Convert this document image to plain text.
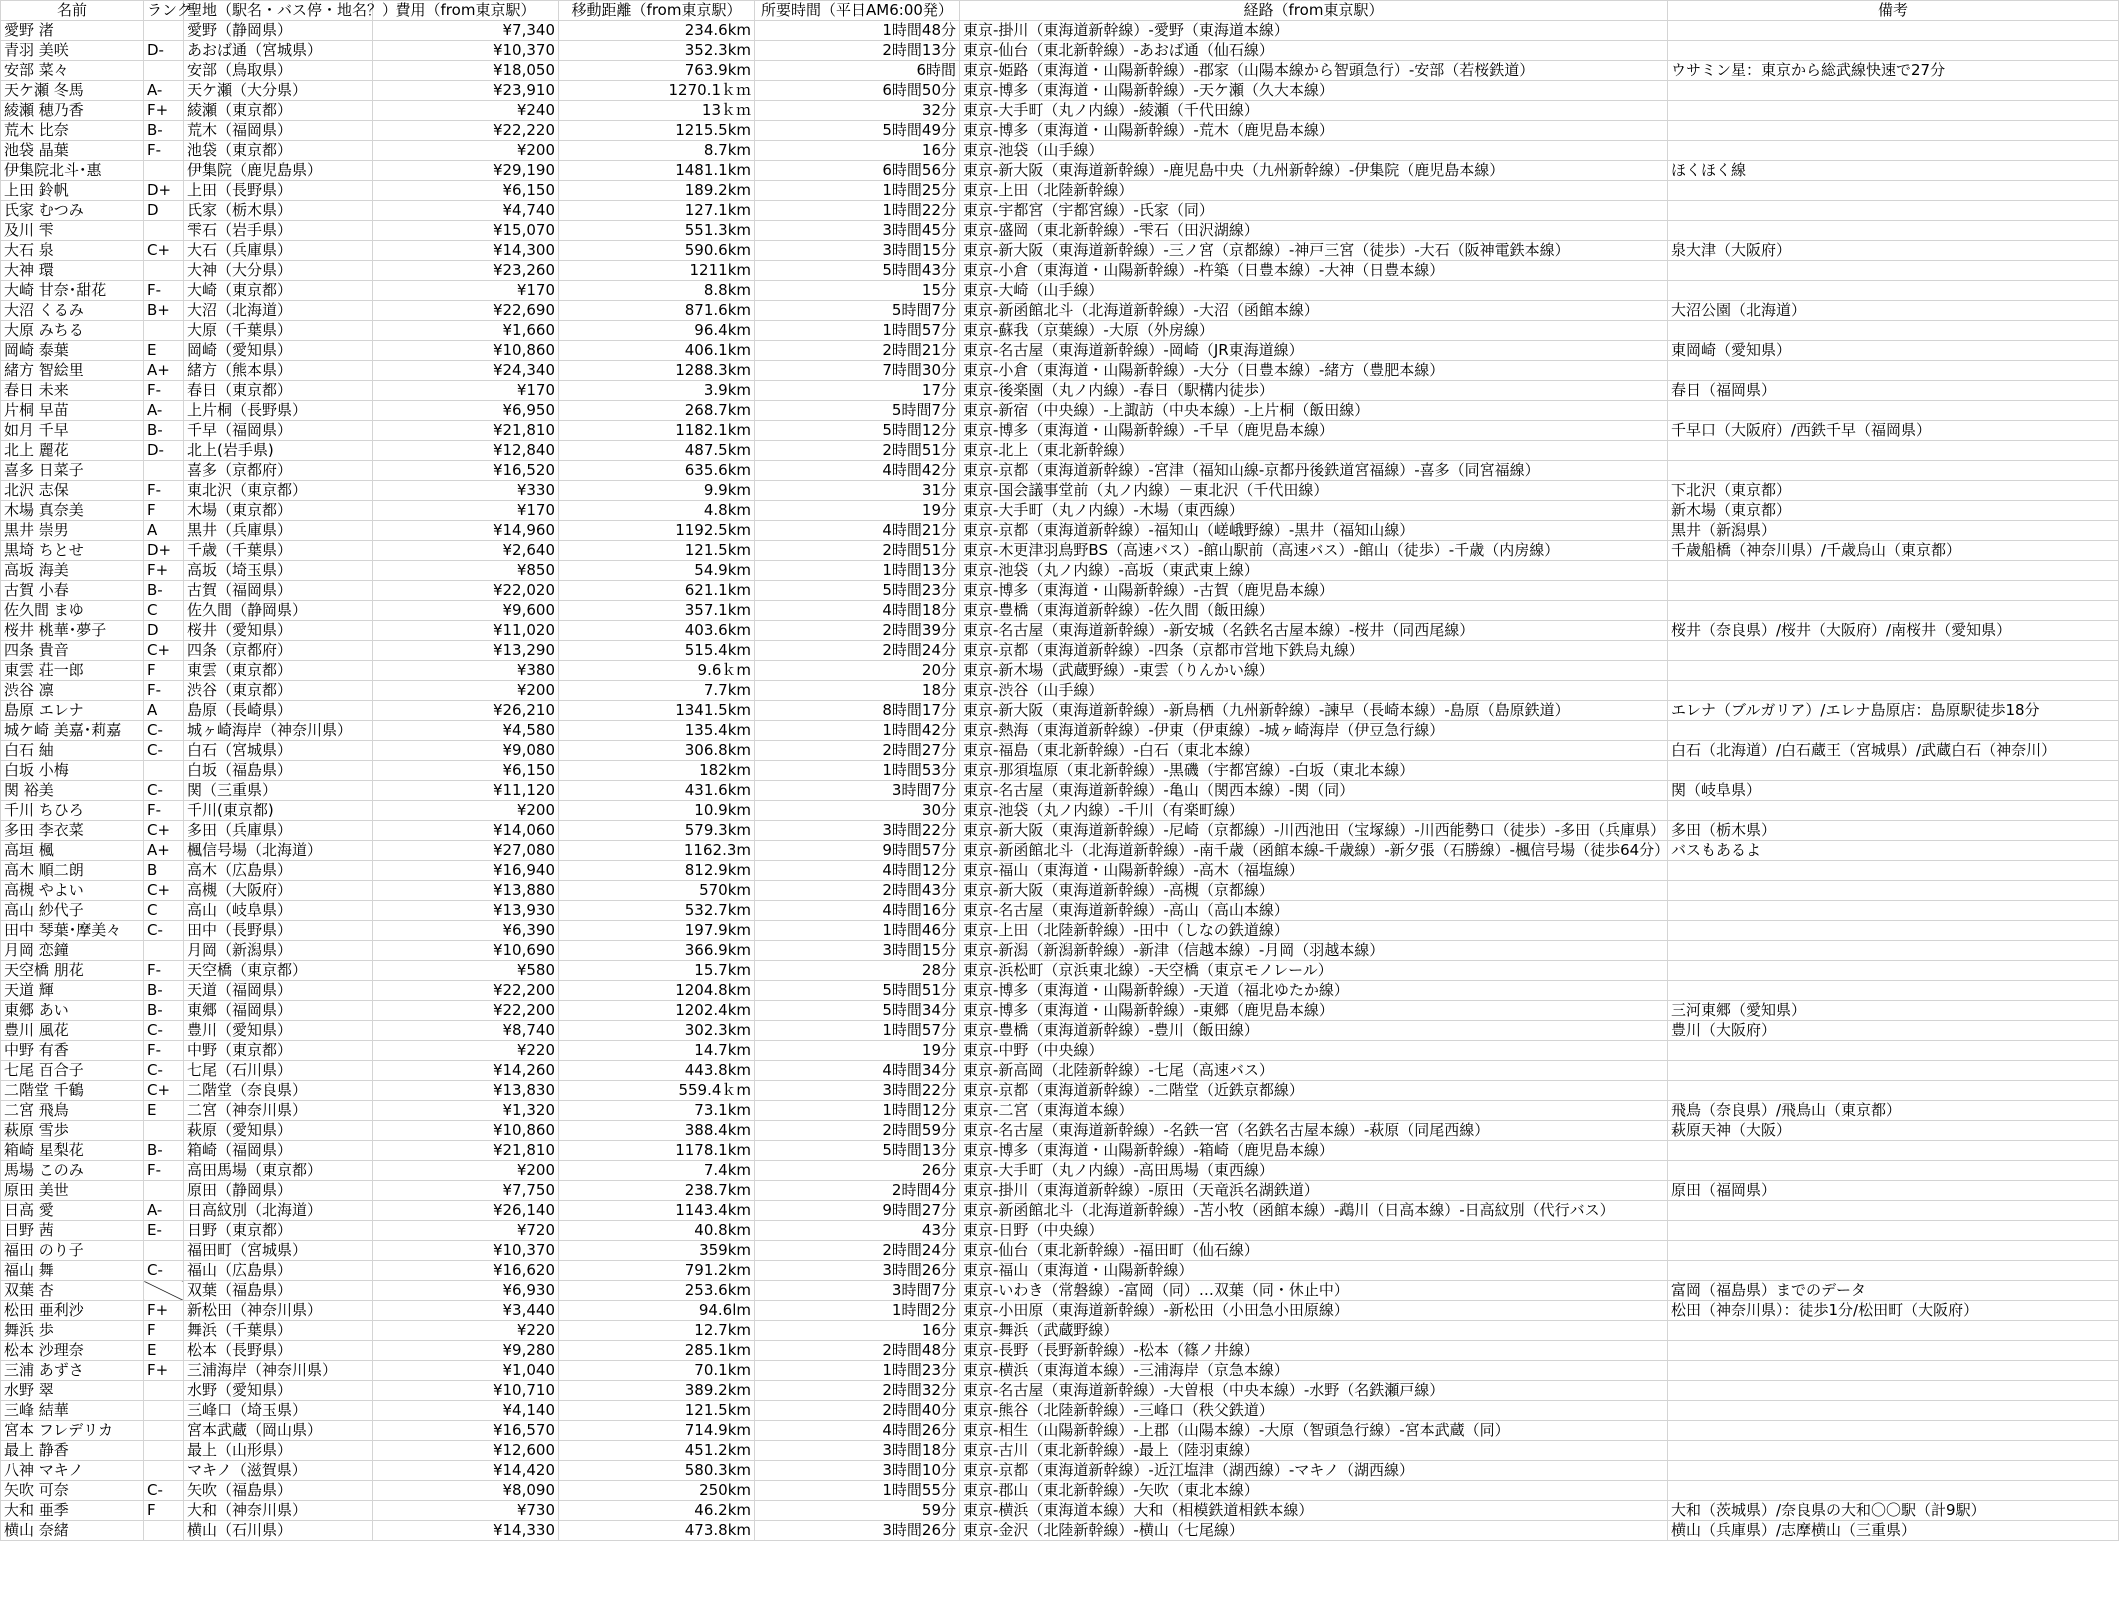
名前	ランク	聖地（駅名・バス停・地名？）	費用（from東京駅）	移動距離（from東京駅）	所要時間（平日AM6:00発）	経路（from東京駅）	備考
愛野 渚		愛野（静岡県）	¥7,340	234.6km	1時間48分	東京-掛川（東海道新幹線）-愛野（東海道本線）	
青羽 美咲	D-	あおば通（宮城県）	¥10,370	352.3km	2時間13分	東京-仙台（東北新幹線）-あおば通（仙石線）	
安部 菜々		安部（鳥取県）	¥18,050	763.9km	6時間	東京-姫路（東海道・山陽新幹線）-郡家（山陽本線から智頭急行）-安部（若桜鉄道）	ウサミン星：東京から総武線快速で27分
天ケ瀬 冬馬	A-	天ケ瀬（大分県）	¥23,910	1270.1ｋｍ	6時間50分	東京-博多（東海道・山陽新幹線）-天ケ瀬（久大本線）	
綾瀬 穂乃香	F+	綾瀬（東京都）	¥240	13ｋｍ	32分	東京-大手町（丸ノ内線）-綾瀬（千代田線）	
荒木 比奈	B-	荒木（福岡県）	¥22,220	1215.5km	5時間49分	東京-博多（東海道・山陽新幹線）-荒木（鹿児島本線）	
池袋 晶葉	F-	池袋（東京都）	¥200	8.7km	16分	東京-池袋（山手線）	
伊集院北斗･惠		伊集院（鹿児島県）	¥29,190	1481.1km	6時間56分	東京-新大阪（東海道新幹線）-鹿児島中央（九州新幹線）-伊集院（鹿児島本線）	ほくほく線
上田 鈴帆	D+	上田（長野県）	¥6,150	189.2km	1時間25分	東京-上田（北陸新幹線）	
氏家 むつみ	D	氏家（栃木県）	¥4,740	127.1km	1時間22分	東京-宇都宮（宇都宮線）-氏家（同）	
及川 雫		雫石（岩手県）	¥15,070	551.3km	3時間45分	東京-盛岡（東北新幹線）-雫石（田沢湖線）	
大石 泉	C+	大石（兵庫県）	¥14,300	590.6km	3時間15分	東京-新大阪（東海道新幹線）-三ノ宮（京都線）-神戸三宮（徒歩）-大石（阪神電鉄本線）	泉大津（大阪府）
大神 環		大神（大分県）	¥23,260	1211km	5時間43分	東京-小倉（東海道・山陽新幹線）-杵築（日豊本線）-大神（日豊本線）	
大崎 甘奈･甜花	F-	大崎（東京都）	¥170	8.8km	15分	東京-大崎（山手線）	
大沼 くるみ	B+	大沼（北海道）	¥22,690	871.6km	5時間7分	東京-新函館北斗（北海道新幹線）-大沼（函館本線）	大沼公園（北海道）
大原 みちる		大原（千葉県）	¥1,660	96.4km	1時間57分	東京-蘇我（京葉線）-大原（外房線）	
岡崎 泰葉	E	岡崎（愛知県）	¥10,860	406.1km	2時間21分	東京-名古屋（東海道新幹線）-岡崎（JR東海道線）	東岡崎（愛知県）
緒方 智絵里	A+	緒方（熊本県）	¥24,340	1288.3km	7時間30分	東京-小倉（東海道・山陽新幹線）-大分（日豊本線）-緒方（豊肥本線）	
春日 未来	F-	春日（東京都）	¥170	3.9km	17分	東京-後楽園（丸ノ内線）-春日（駅構内徒歩）	春日（福岡県）
片桐 早苗	A-	上片桐（長野県）	¥6,950	268.7km	5時間7分	東京-新宿（中央線）-上諏訪（中央本線）-上片桐（飯田線）	
如月 千早	B-	千早（福岡県）	¥21,810	1182.1km	5時間12分	東京-博多（東海道・山陽新幹線）-千早（鹿児島本線）	千早口（大阪府）/西鉄千早（福岡県）
北上 麗花	D-	北上(岩手県)	¥12,840	487.5km	2時間51分	東京-北上（東北新幹線）	
喜多 日菜子		喜多（京都府）	¥16,520	635.6km	4時間42分	東京-京都（東海道新幹線）-宮津（福知山線-京都丹後鉄道宮福線）-喜多（同宮福線）	
北沢 志保	F-	東北沢（東京都）	¥330	9.9km	31分	東京-国会議事堂前（丸ノ内線）－東北沢（千代田線）	下北沢（東京都）
木場 真奈美	F	木場（東京都）	¥170	4.8km	19分	東京-大手町（丸ノ内線）-木場（東西線）	新木場（東京都）
黒井 崇男	A	黒井（兵庫県）	¥14,960	1192.5km	4時間21分	東京-京都（東海道新幹線）-福知山（嵯峨野線）-黒井（福知山線）	黒井（新潟県）
黒埼 ちとせ	D+	千歳（千葉県）	¥2,640	121.5km	2時間51分	東京-木更津羽鳥野BS（高速バス）-館山駅前（高速バス）-館山（徒歩）-千歳（内房線）	千歳船橋（神奈川県）/千歳烏山（東京都）
高坂 海美	F+	高坂（埼玉県）	¥850	54.9km	1時間13分	東京-池袋（丸ノ内線）-高坂（東武東上線）	
古賀 小春	B-	古賀（福岡県）	¥22,020	621.1km	5時間23分	東京-博多（東海道・山陽新幹線）-古賀（鹿児島本線）	
佐久間 まゆ	C	佐久間（静岡県）	¥9,600	357.1km	4時間18分	東京-豊橋（東海道新幹線）-佐久間（飯田線）	
桜井 桃華･夢子	D	桜井（愛知県）	¥11,020	403.6km	2時間39分	東京-名古屋（東海道新幹線）-新安城（名鉄名古屋本線）-桜井（同西尾線）	桜井（奈良県）/桜井（大阪府）/南桜井（愛知県）
四条 貴音	C+	四条（京都府）	¥13,290	515.4km	2時間24分	東京-京都（東海道新幹線）-四条（京都市営地下鉄烏丸線）	
東雲 荘一郎	F	東雲（東京都）	¥380	9.6ｋm	20分	東京-新木場（武蔵野線）-東雲（りんかい線）	
渋谷 凛	F-	渋谷（東京都）	¥200	7.7km	18分	東京-渋谷（山手線）	
島原 エレナ	A	島原（長崎県）	¥26,210	1341.5km	8時間17分	東京-新大阪（東海道新幹線）-新鳥栖（九州新幹線）-諫早（長崎本線）-島原（島原鉄道）	エレナ（ブルガリア）/エレナ島原店：島原駅徒歩18分
城ケ崎 美嘉･莉嘉	C-	城ヶ崎海岸（神奈川県）	¥4,580	135.4km	1時間42分	東京-熱海（東海道新幹線）-伊東（伊東線）-城ヶ崎海岸（伊豆急行線）	
白石 紬	C-	白石（宮城県）	¥9,080	306.8km	2時間27分	東京-福島（東北新幹線）-白石（東北本線）	白石（北海道）/白石蔵王（宮城県）/武蔵白石（神奈川）
白坂 小梅		白坂（福島県）	¥6,150	182km	1時間53分	東京-那須塩原（東北新幹線）-黒磯（宇都宮線）-白坂（東北本線）	
関 裕美	C-	関（三重県）	¥11,120	431.6km	3時間7分	東京-名古屋（東海道新幹線）-亀山（関西本線）-関（同）	関（岐阜県）
千川 ちひろ	F-	千川(東京都)	¥200	10.9km	30分	東京-池袋（丸ノ内線）-千川（有楽町線）	
多田 李衣菜	C+	多田（兵庫県）	¥14,060	579.3km	3時間22分	東京-新大阪（東海道新幹線）-尼崎（京都線）-川西池田（宝塚線）-川西能勢口（徒歩）-多田（兵庫県）	多田（栃木県）
高垣 楓	A+	楓信号場（北海道）	¥27,080	1162.3m	9時間57分	東京-新函館北斗（北海道新幹線）-南千歳（函館本線-千歳線）-新夕張（石勝線）-楓信号場（徒歩64分）	バスもあるよ
高木 順二朗	B	高木（広島県）	¥16,940	812.9km	4時間12分	東京-福山（東海道・山陽新幹線）-高木（福塩線）	
高槻 やよい	C+	高槻（大阪府）	¥13,880	570km	2時間43分	東京-新大阪（東海道新幹線）-高槻（京都線）	
高山 紗代子	C	高山（岐阜県）	¥13,930	532.7km	4時間16分	東京-名古屋（東海道新幹線）-高山（高山本線）	
田中 琴葉･摩美々	C-	田中（長野県）	¥6,390	197.9km	1時間46分	東京-上田（北陸新幹線）-田中（しなの鉄道線）	
月岡 恋鐘		月岡（新潟県）	¥10,690	366.9km	3時間15分	東京-新潟（新潟新幹線）-新津（信越本線）-月岡（羽越本線）	
天空橋 朋花	F-	天空橋（東京都）	¥580	15.7km	28分	東京-浜松町（京浜東北線）-天空橋（東京モノレール）	
天道 輝	B-	天道（福岡県）	¥22,200	1204.8km	5時間51分	東京-博多（東海道・山陽新幹線）-天道（福北ゆたか線）	
東郷 あい	B-	東郷（福岡県）	¥22,200	1202.4km	5時間34分	東京-博多（東海道・山陽新幹線）-東郷（鹿児島本線）	三河東郷（愛知県）
豊川 風花	C-	豊川（愛知県）	¥8,740	302.3km	1時間57分	東京-豊橋（東海道新幹線）-豊川（飯田線）	豊川（大阪府）
中野 有香	F-	中野（東京都）	¥220	14.7km	19分	東京-中野（中央線）	
七尾 百合子	C-	七尾（石川県）	¥14,260	443.8km	4時間34分	東京-新高岡（北陸新幹線）-七尾（高速バス）	
二階堂 千鶴	C+	二階堂（奈良県）	¥13,830	559.4ｋm	3時間22分	東京-京都（東海道新幹線）-二階堂（近鉄京都線）	
二宮 飛鳥	E	二宮（神奈川県）	¥1,320	73.1km	1時間12分	東京-二宮（東海道本線）	飛鳥（奈良県）/飛鳥山（東京都）
萩原 雪歩		萩原（愛知県）	¥10,860	388.4km	2時間59分	東京-名古屋（東海道新幹線）-名鉄一宮（名鉄名古屋本線）-萩原（同尾西線）	萩原天神（大阪）
箱崎 星梨花	B-	箱崎（福岡県）	¥21,810	1178.1km	5時間13分	東京-博多（東海道・山陽新幹線）-箱崎（鹿児島本線）	
馬場 このみ	F-	高田馬場（東京都）	¥200	7.4km	26分	東京-大手町（丸ノ内線）-高田馬場（東西線）	
原田 美世		原田（静岡県）	¥7,750	238.7km	2時間4分	東京-掛川（東海道新幹線）-原田（天竜浜名湖鉄道）	原田（福岡県）
日高 愛	A-	日高紋別（北海道）	¥26,140	1143.4km	9時間27分	東京-新函館北斗（北海道新幹線）-苫小牧（函館本線）-鵡川（日高本線）-日高紋別（代行バス）	
日野 茜	E-	日野（東京都）	¥720	40.8km	43分	東京-日野（中央線）	
福田 のり子		福田町（宮城県）	¥10,370	359km	2時間24分	東京-仙台（東北新幹線）-福田町（仙石線）	
福山 舞	C-	福山（広島県）	¥16,620	791.2km	3時間26分	東京-福山（東海道・山陽新幹線）	
双葉 杏		双葉（福島県）	¥6,930	253.6km	3時間7分	東京-いわき（常磐線）-富岡（同）…双葉（同・休止中）	富岡（福島県）までのデータ
松田 亜利沙	F+	新松田（神奈川県）	¥3,440	94.6lm	1時間2分	東京-小田原（東海道新幹線）-新松田（小田急小田原線）	松田（神奈川県）：徒歩1分/松田町（大阪府）
舞浜 歩	F	舞浜（千葉県）	¥220	12.7km	16分	東京-舞浜（武蔵野線）	
松本 沙理奈	E	松本（長野県）	¥9,280	285.1km	2時間48分	東京-長野（長野新幹線）-松本（篠ノ井線）	
三浦 あずさ	F+	三浦海岸（神奈川県）	¥1,040	70.1km	1時間23分	東京-横浜（東海道本線）-三浦海岸（京急本線）	
水野 翠		水野（愛知県）	¥10,710	389.2km	2時間32分	東京-名古屋（東海道新幹線）-大曽根（中央本線）-水野（名鉄瀬戸線）	
三峰 結華		三峰口（埼玉県）	¥4,140	121.5km	2時間40分	東京-熊谷（北陸新幹線）-三峰口（秩父鉄道）	
宮本 フレデリカ		宮本武蔵（岡山県）	¥16,570	714.9km	4時間26分	東京-相生（山陽新幹線）-上郡（山陽本線）-大原（智頭急行線）-宮本武蔵（同）	
最上 静香		最上（山形県）	¥12,600	451.2km	3時間18分	東京-古川（東北新幹線）-最上（陸羽東線）	
八神 マキノ		マキノ（滋賀県）	¥14,420	580.3km	3時間10分	東京-京都（東海道新幹線）-近江塩津（湖西線）-マキノ（湖西線）	
矢吹 可奈	C-	矢吹（福島県）	¥8,090	250km	1時間55分	東京-郡山（東北新幹線）-矢吹（東北本線）	
大和 亜季	F	大和（神奈川県）	¥730	46.2km	59分	東京-横浜（東海道本線）大和（相模鉄道相鉄本線）	大和（茨城県）/奈良県の大和〇〇駅（計9駅）
横山 奈緒		横山（石川県）	¥14,330	473.8km	3時間26分	東京-金沢（北陸新幹線）-横山（七尾線）	横山（兵庫県）/志摩横山（三重県）
